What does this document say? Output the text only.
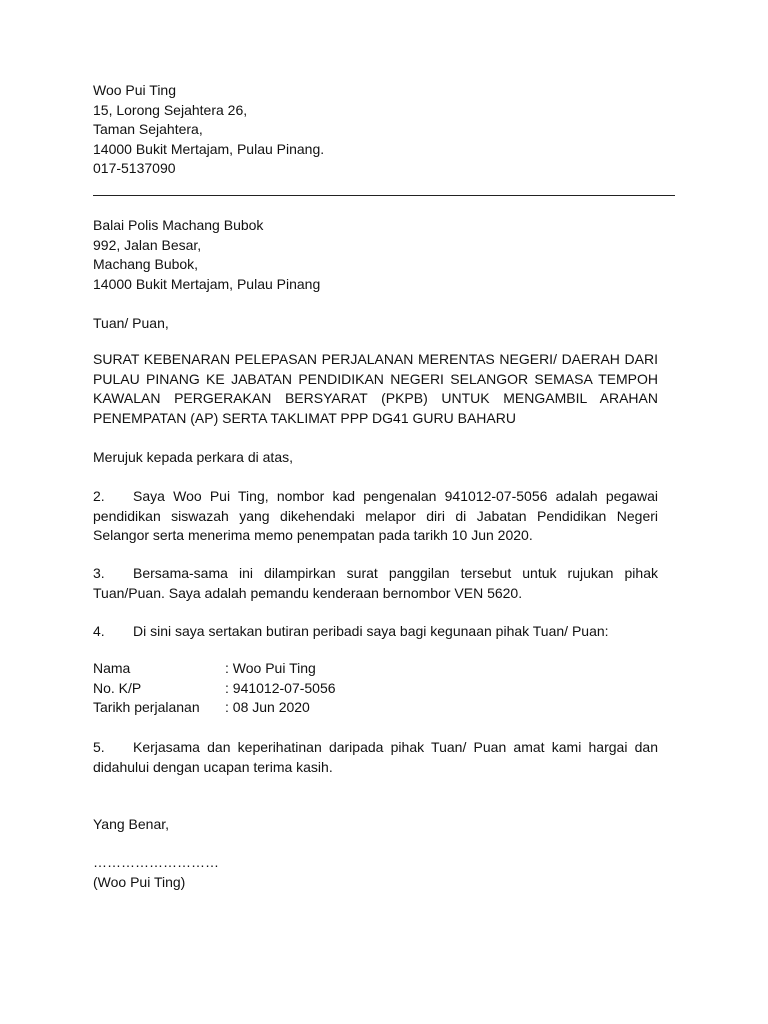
Woo Pui Ting
15, Lorong Sejahtera 26,
Taman Sejahtera,
14000 Bukit Mertajam, Pulau Pinang.
017-5137090
Balai Polis Machang Bubok
992, Jalan Besar,
Machang Bubok,
14000 Bukit Mertajam, Pulau Pinang
Tuan/ Puan,
SURAT KEBENARAN PELEPASAN PERJALANAN MERENTAS NEGERI/ DAERAH DARI PULAU PINANG KE JABATAN PENDIDIKAN NEGERI SELANGOR SEMASA TEMPOH KAWALAN PERGERAKAN BERSYARAT (PKPB) UNTUK MENGAMBIL ARAHAN PENEMPATAN (AP) SERTA TAKLIMAT PPP DG41 GURU BAHARU
Merujuk kepada perkara di atas,
2. Saya Woo Pui Ting, nombor kad pengenalan 941012-07-5056 adalah pegawai pendidikan siswazah yang dikehendaki melapor diri di Jabatan Pendidikan Negeri Selangor serta menerima memo penempatan pada tarikh 10 Jun 2020.
3. Bersama-sama ini dilampirkan surat panggilan tersebut untuk rujukan pihak Tuan/Puan. Saya adalah pemandu kenderaan bernombor VEN 5620.
4. Di sini saya sertakan butiran peribadi saya bagi kegunaan pihak Tuan/ Puan:
Nama	: Woo Pui Ting
No. K/P	: 941012-07-5056
Tarikh perjalanan : 08 Jun 2020
5. Kerjasama dan keperihatinan daripada pihak Tuan/ Puan amat kami hargai dan didahului dengan ucapan terima kasih.
Yang Benar,
………………………
(Woo Pui Ting)
